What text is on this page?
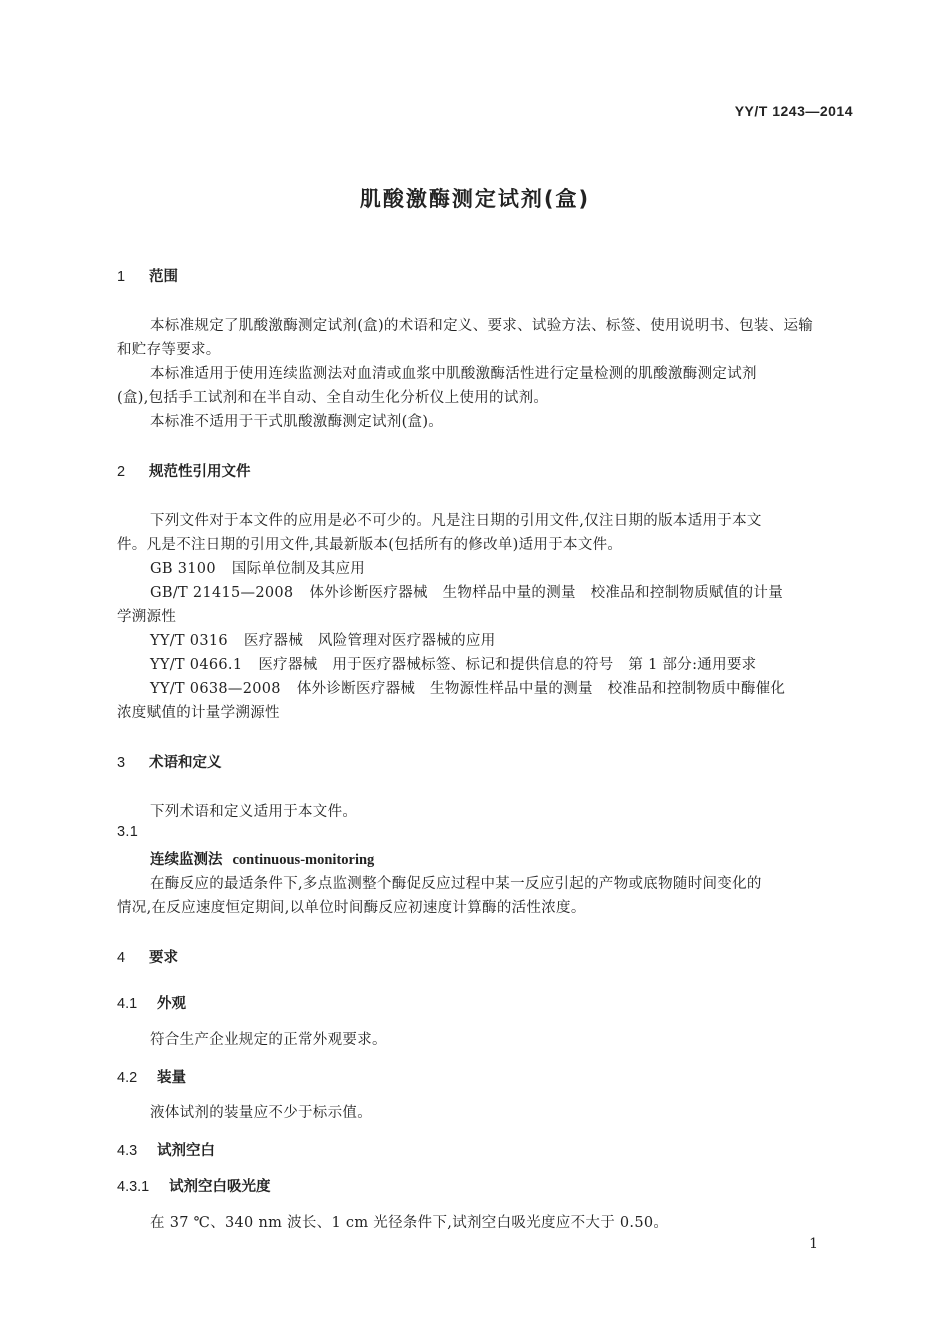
YY/T 1243—2014
肌酸激酶测定试剂(盒)
1 范围
本标准规定了肌酸激酶测定试剂(盒)的术语和定义、要求、试验方法、标签、使用说明书、包装、运输
和贮存等要求。
本标准适用于使用连续监测法对血清或血浆中肌酸激酶活性进行定量检测的肌酸激酶测定试剂
(盒),包括手工试剂和在半自动、全自动生化分析仪上使用的试剂。
本标准不适用于干式肌酸激酶测定试剂(盒)。
2 规范性引用文件
下列文件对于本文件的应用是必不可少的。凡是注日期的引用文件,仅注日期的版本适用于本文
件。凡是不注日期的引用文件,其最新版本(包括所有的修改单)适用于本文件。
GB 3100 国际单位制及其应用
GB/T 21415—2008 体外诊断医疗器械　生物样品中量的测量　校准品和控制物质赋值的计量
学溯源性
YY/T 0316 医疗器械　风险管理对医疗器械的应用
YY/T 0466.1 医疗器械　用于医疗器械标签、标记和提供信息的符号　第 1 部分:通用要求
YY/T 0638—2008 体外诊断医疗器械　生物源性样品中量的测量　校准品和控制物质中酶催化
浓度赋值的计量学溯源性
3 术语和定义
下列术语和定义适用于本文件。
3.1
连续监测法 continuous-monitoring
在酶反应的最适条件下,多点监测整个酶促反应过程中某一反应引起的产物或底物随时间变化的
情况,在反应速度恒定期间,以单位时间酶反应初速度计算酶的活性浓度。
4 要求
4.1 外观
符合生产企业规定的正常外观要求。
4.2 装量
液体试剂的装量应不少于标示值。
4.3 试剂空白
4.3.1 试剂空白吸光度
在 37 ℃、340 nm 波长、1 cm 光径条件下,试剂空白吸光度应不大于 0.50。
1
